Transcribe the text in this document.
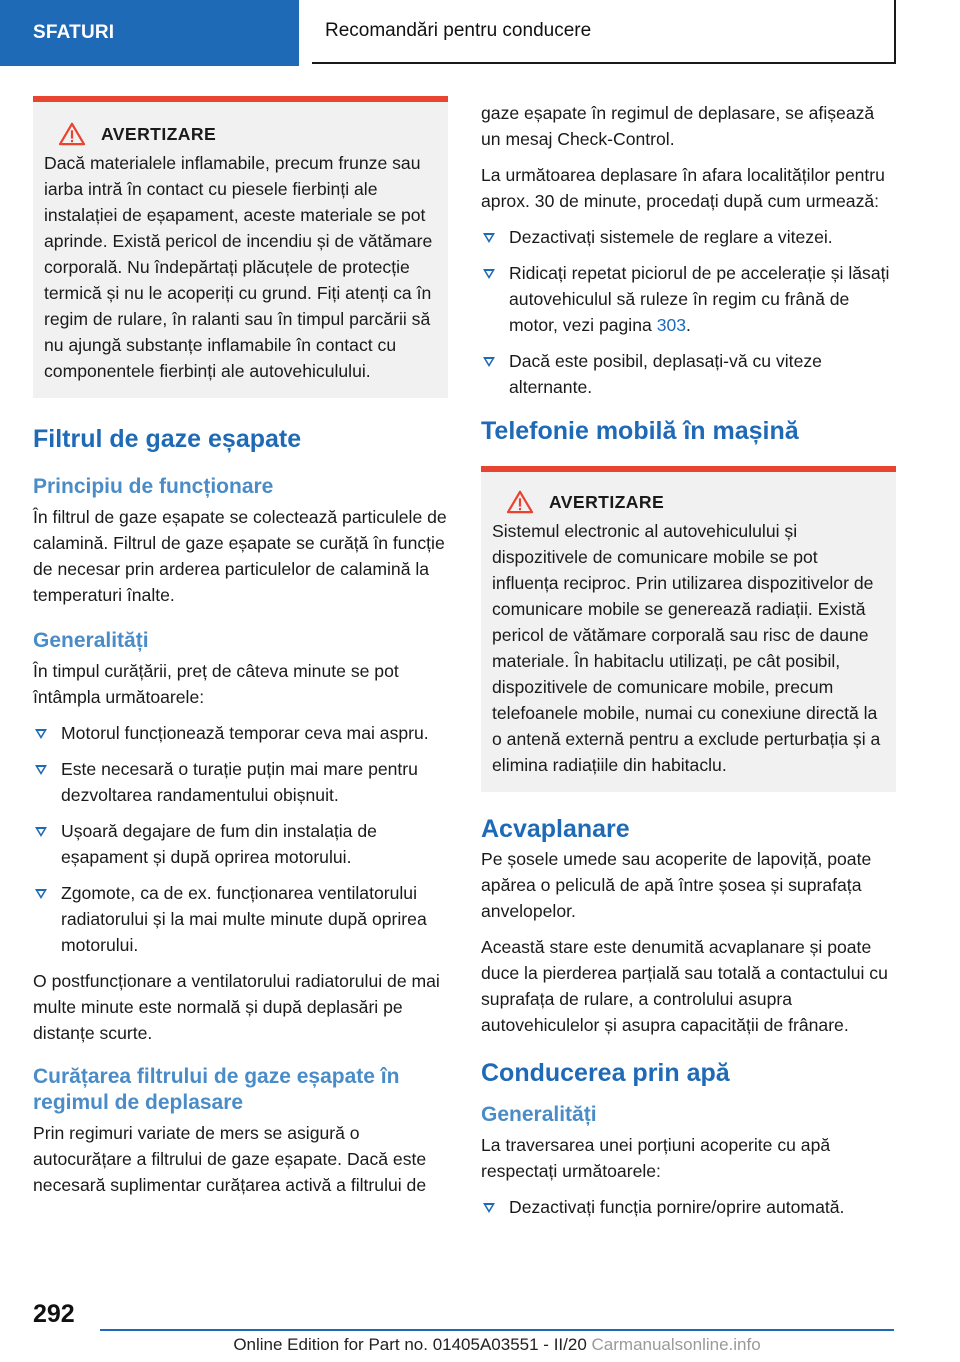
SFATURI	Recomandări pentru conducere
AVERTIZARE

Dacă materialele inflamabile, precum frunze sau iarba intră în contact cu piesele fierbinți ale instalației de eșapament, aceste materiale se pot aprinde. Există pericol de incendiu și de vătămare corporală. Nu îndepărtați plăcuțele de protecție termică și nu le acoperiți cu grund. Fiți atenți ca în regim de rulare, în ralanti sau în timpul parcării să nu ajungă substanțe inflamabile în contact cu componentele fierbinți ale autovehiculului.

Filtrul de gaze eșapate
Principiu de funcționare

În filtrul de gaze eșapate se colectează particulele de calamină. Filtrul de gaze eșapate se curăță în funcție de necesar prin arderea particulelor de calamină la temperaturi înalte.

Generalități

În timpul curățării, preț de câteva minute se pot întâmpla următoarele:

Motorul funcționează temporar ceva mai aspru.
Este necesară o turație puțin mai mare pentru dezvoltarea randamentului obișnuit.
Ușoară degajare de fum din instalația de eșapament și după oprirea motorului.
Zgomote, ca de ex. funcționarea ventilatorului radiatorului și la mai multe minute după oprirea motorului.

O postfuncționare a ventilatorului radiatorului de mai multe minute este normală și după deplasări pe distanțe scurte.

Curățarea filtrului de gaze eșapate în regimul de deplasare

Prin regimuri variate de mers se asigură o autocurățare a filtrului de gaze eșapate. Dacă este necesară suplimentar curățarea activă a filtrului de

gaze eșapate în regimul de deplasare, se afișează un mesaj Check-Control.

La următoarea deplasare în afara localităților pentru aprox. 30 de minute, procedați după cum urmează:

Dezactivați sistemele de reglare a vitezei.
Ridicați repetat piciorul de pe accelerație și lăsați autovehiculul să ruleze în regim cu frână de motor, vezi pagina 303.
Dacă este posibil, deplasați-vă cu viteze alternante.
Telefonie mobilă în mașină
AVERTIZARE

Sistemul electronic al autovehiculului și dispozitivele de comunicare mobile se pot influența reciproc. Prin utilizarea dispozitivelor de comunicare mobile se generează radiații. Există pericol de vătămare corporală sau risc de daune materiale. În habitaclu utilizați, pe cât posibil, dispozitivele de comunicare mobile, precum telefoanele mobile, numai cu conexiune directă la o antenă externă pentru a exclude perturbația și a elimina radiațiile din habitaclu.

Acvaplanare

Pe șosele umede sau acoperite de lapoviță, poate apărea o peliculă de apă între șosea și suprafața anvelopelor.

Această stare este denumită acvaplanare și poate duce la pierderea parțială sau totală a contactului cu suprafața de rulare, a controlului asupra autovehiculelor și asupra capacității de frânare.

Conducerea prin apă
Generalități

La traversarea unei porțiuni acoperite cu apă respectați următoarele:

Dezactivați funcția pornire/oprire automată.
292
Online Edition for Part no. 01405A03551 - II/20 Carmanualsonline.info
